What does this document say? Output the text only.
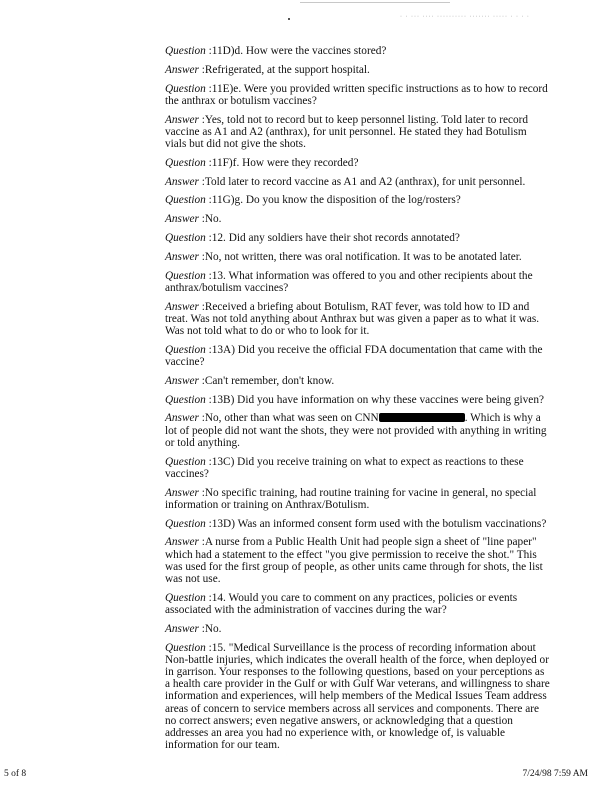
· · ··· ···· ·········· ······· ····· · · · ·

Question :11D)d. How were the vaccines stored?

Answer :Refrigerated, at the support hospital.

Question :11E)e. Were you provided written specific instructions as to how to record the anthrax or botulism vaccines?

Answer :Yes, told not to record but to keep personnel listing. Told later to record vaccine as A1 and A2 (anthrax), for unit personnel. He stated they had Botulism vials but did not give the shots.

Question :11F)f. How were they recorded?

Answer :Told later to record vaccine as A1 and A2 (anthrax), for unit personnel.

Question :11G)g. Do you know the disposition of the log/rosters?

Answer :No.

Question :12. Did any soldiers have their shot records annotated?

Answer :No, not written, there was oral notification. It was to be anotated later.

Question :13. What information was offered to you and other recipients about the anthrax/botulism vaccines?

Answer :Received a briefing about Botulism, RAT fever, was told how to ID and treat. Was not told anything about Anthrax but was given a paper as to what it was. Was not told what to do or who to look for it.

Question :13A) Did you receive the official FDA documentation that came with the vaccine?

Answer :Can't remember, don't know.

Question :13B) Did you have information on why these vaccines were being given?

Answer :No, other than what was seen on CNN	. Which is why a lot of people did not want the shots, they were not provided with anything in writing or told anything.

Question :13C) Did you receive training on what to expect as reactions to these vaccines?

Answer :No specific training, had routine training for vacine in general, no special information or training on Anthrax/Botulism.

Question :13D) Was an informed consent form used with the botulism vaccinations?

Answer :A nurse from a Public Health Unit had people sign a sheet of "line paper" which had a statement to the effect "you give permission to receive the shot." This was used for the first group of people, as other units came through for shots, the list was not use.

Question :14. Would you care to comment on any practices, policies or events associated with the administration of vaccines during the war?

Answer :No.

Question :15. "Medical Surveillance is the process of recording information about Non-battle injuries, which indicates the overall health of the force, when deployed or in garrison. Your responses to the following questions, based on your perceptions as a health care provider in the Gulf or with Gulf War veterans, and willingness to share information and experiences, will help members of the Medical Issues Team address areas of concern to service members across all services and components. There are no correct answers; even negative answers, or acknowledging that a question addresses an area you had no experience with, or knowledge of, is valuable information for our team.

5 of 8	7/24/98 7:59 AM
